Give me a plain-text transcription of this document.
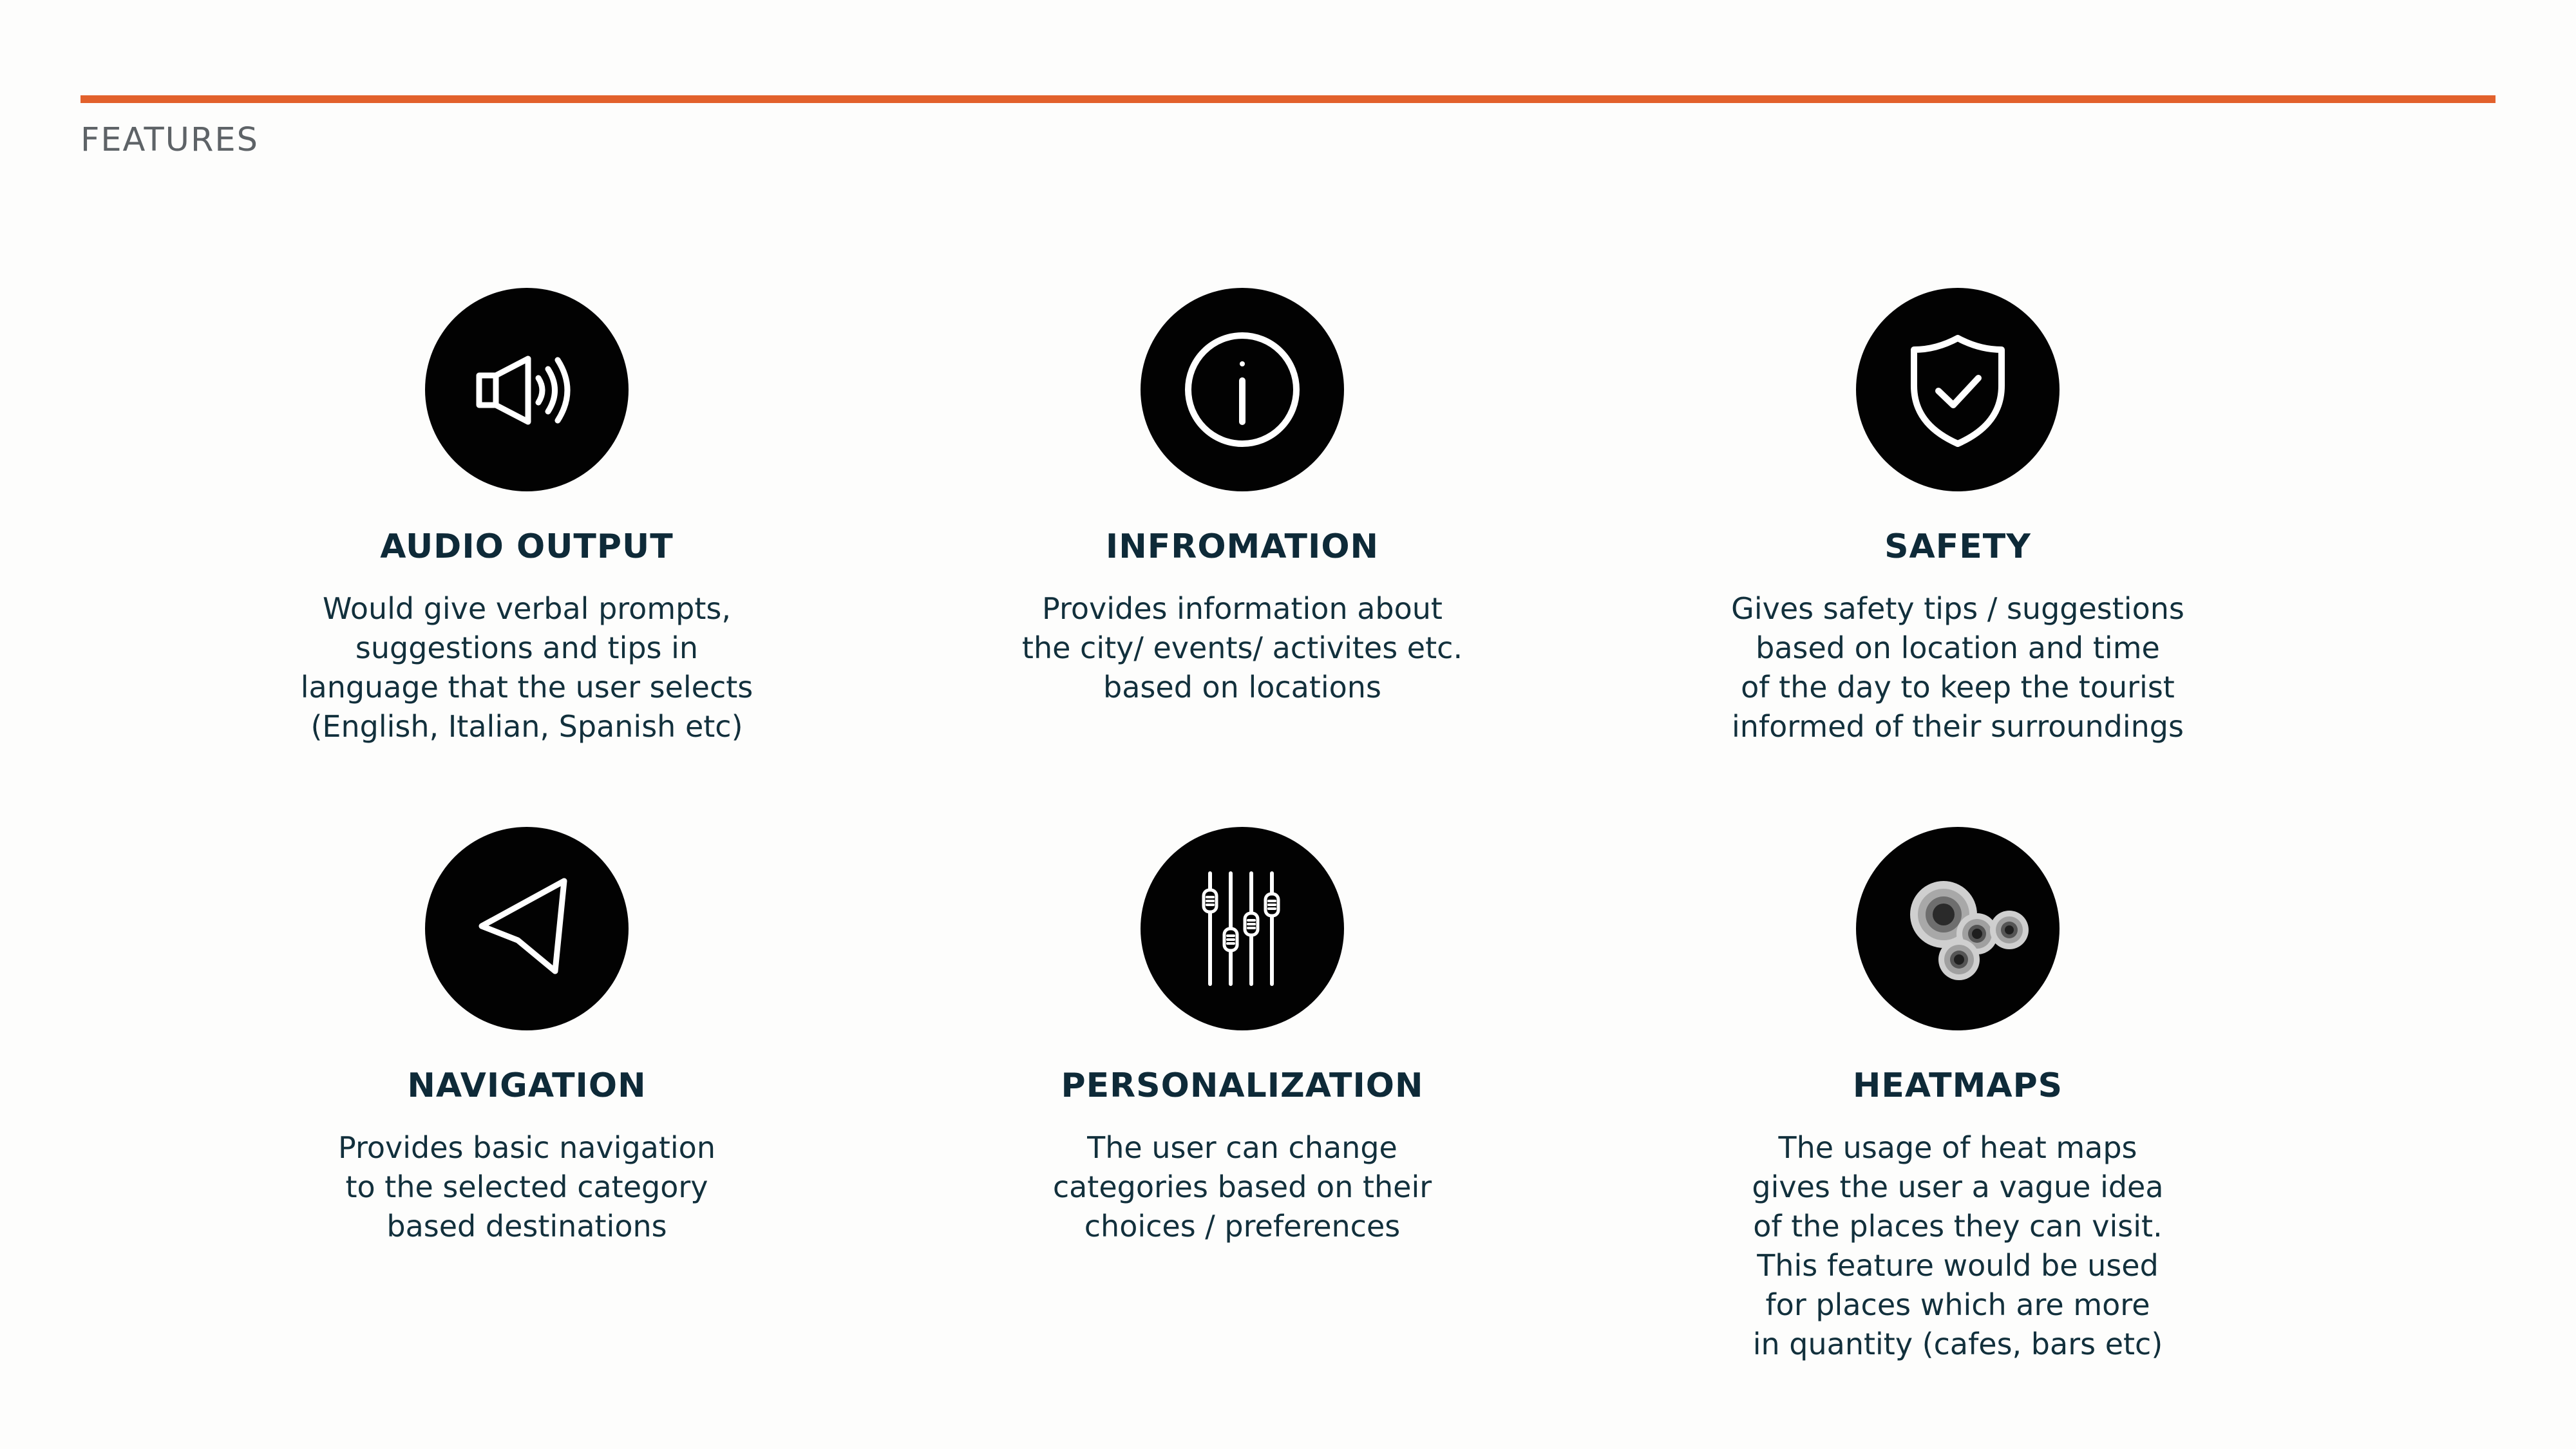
FEATURES
AUDIO OUTPUT
Would give verbal prompts,
suggestions and tips in
language that the user selects
(English, Italian, Spanish etc)
INFROMATION
Provides information about
the city/ events/ activites etc.
based on locations
SAFETY
Gives safety tips / suggestions
based on location and time
of the day to keep the tourist
informed of their surroundings
NAVIGATION
Provides basic navigation
to the selected category
based destinations
PERSONALIZATION
The user can change
categories based on their
choices / preferences
HEATMAPS
The usage of heat maps
gives the user a vague idea
of the places they can visit.
This feature would be used
for places which are more
in quantity (cafes, bars etc)
